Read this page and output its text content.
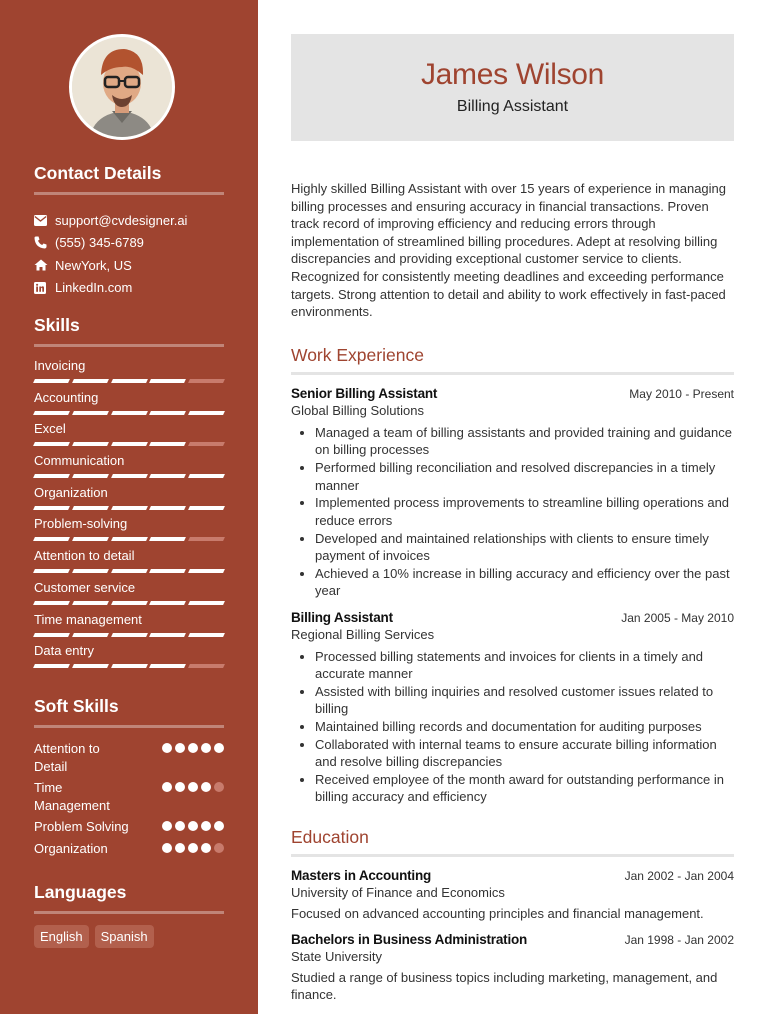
Contact Details
support@cvdesigner.ai
(555) 345-6789
NewYork, US
LinkedIn.com
Skills
Invoicing
Accounting
Excel
Communication
Organization
Problem-solving
Attention to detail
Customer service
Time management
Data entry
Soft Skills
Attention to Detail
Time Management
Problem Solving
Organization
Languages
English	Spanish
James Wilson
Billing Assistant

Highly skilled Billing Assistant with over 15 years of experience in managing billing processes and ensuring accuracy in financial transactions. Proven track record of improving efficiency and reducing errors through implementation of streamlined billing procedures. Adept at resolving billing discrepancies and providing exceptional customer service to clients. Recognized for consistently meeting deadlines and exceeding performance targets. Strong attention to detail and ability to work effectively in fast-paced environments.

Work Experience
Senior Billing Assistant	May 2010 - Present
Global Billing Solutions
• Managed a team of billing assistants and provided training and guidance on billing processes
• Performed billing reconciliation and resolved discrepancies in a timely manner
• Implemented process improvements to streamline billing operations and reduce errors
• Developed and maintained relationships with clients to ensure timely payment of invoices
• Achieved a 10% increase in billing accuracy and efficiency over the past year
Billing Assistant	Jan 2005 - May 2010
Regional Billing Services
• Processed billing statements and invoices for clients in a timely and accurate manner
• Assisted with billing inquiries and resolved customer issues related to billing
• Maintained billing records and documentation for auditing purposes
• Collaborated with internal teams to ensure accurate billing information and resolve billing discrepancies
• Received employee of the month award for outstanding performance in billing accuracy and efficiency
Education
Masters in Accounting	Jan 2002 - Jan 2004
University of Finance and Economics
Focused on advanced accounting principles and financial management.
Bachelors in Business Administration	Jan 1998 - Jan 2002
State University
Studied a range of business topics including marketing, management, and finance.
